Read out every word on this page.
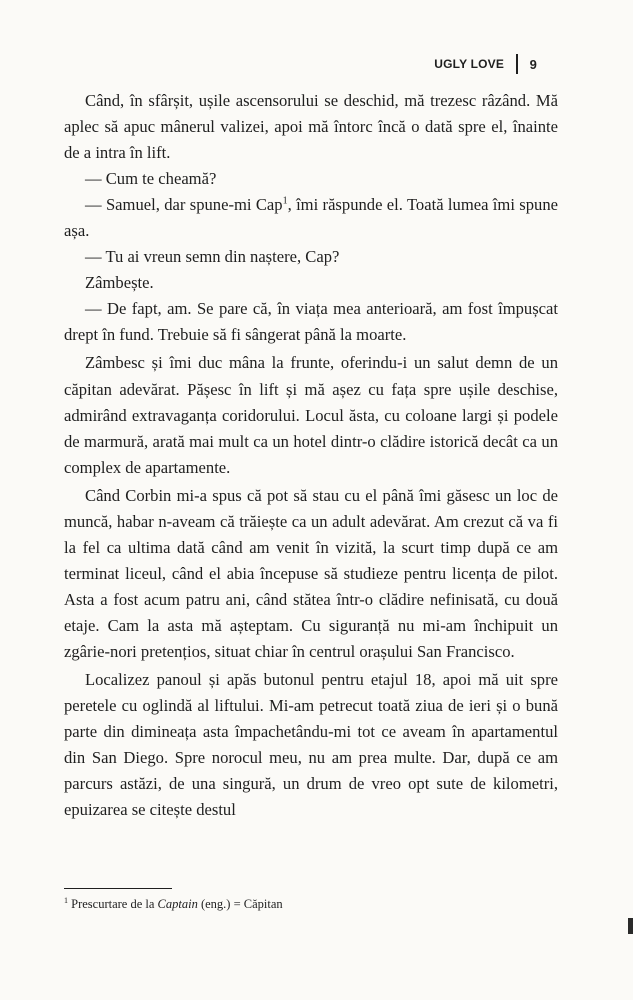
UGLY LOVE 9

Când, în sfârșit, ușile ascensorului se deschid, mă trezesc râzând. Mă aplec să apuc mânerul valizei, apoi mă întorc încă o dată spre el, înainte de a intra în lift.

— Cum te cheamă?

— Samuel, dar spune-mi Cap$^1$, îmi răspunde el. Toată lumea îmi spune așa.

— Tu ai vreun semn din naștere, Cap?

Zâmbește.

— De fapt, am. Se pare că, în viața mea anterioară, am fost împușcat drept în fund. Trebuie să fi sângerat până la moarte.

Zâmbesc și îmi duc mâna la frunte, oferindu-i un salut demn de un căpitan adevărat. Pășesc în lift și mă așez cu fața spre ușile deschise, admirând extravaganța coridorului. Locul ăsta, cu coloane largi și podele de marmură, arată mai mult ca un hotel dintr-o clădire istorică decât ca un complex de apartamente.

Când Corbin mi-a spus că pot să stau cu el până îmi găsesc un loc de muncă, habar n-aveam că trăiește ca un adult adevărat. Am crezut că va fi la fel ca ultima dată când am venit în vizită, la scurt timp după ce am terminat liceul, când el abia începuse să studieze pentru licența de pilot. Asta a fost acum patru ani, când stătea într-o clădire nefinisată, cu două etaje. Cam la asta mă așteptam. Cu siguranță nu mi-am închipuit un zgârie-nori pretențios, situat chiar în centrul orașului San Francisco.

Localizez panoul și apăs butonul pentru etajul 18, apoi mă uit spre peretele cu oglindă al liftului. Mi-am petrecut toată ziua de ieri și o bună parte din dimineața asta împachetându-mi tot ce aveam în apartamentul din San Diego. Spre norocul meu, nu am prea multe. Dar, după ce am parcurs astăzi, de una singură, un drum de vreo opt sute de kilometri, epuizarea se citește destul

$^1$ Prescurtare de la Captain (eng.) = Căpitan
